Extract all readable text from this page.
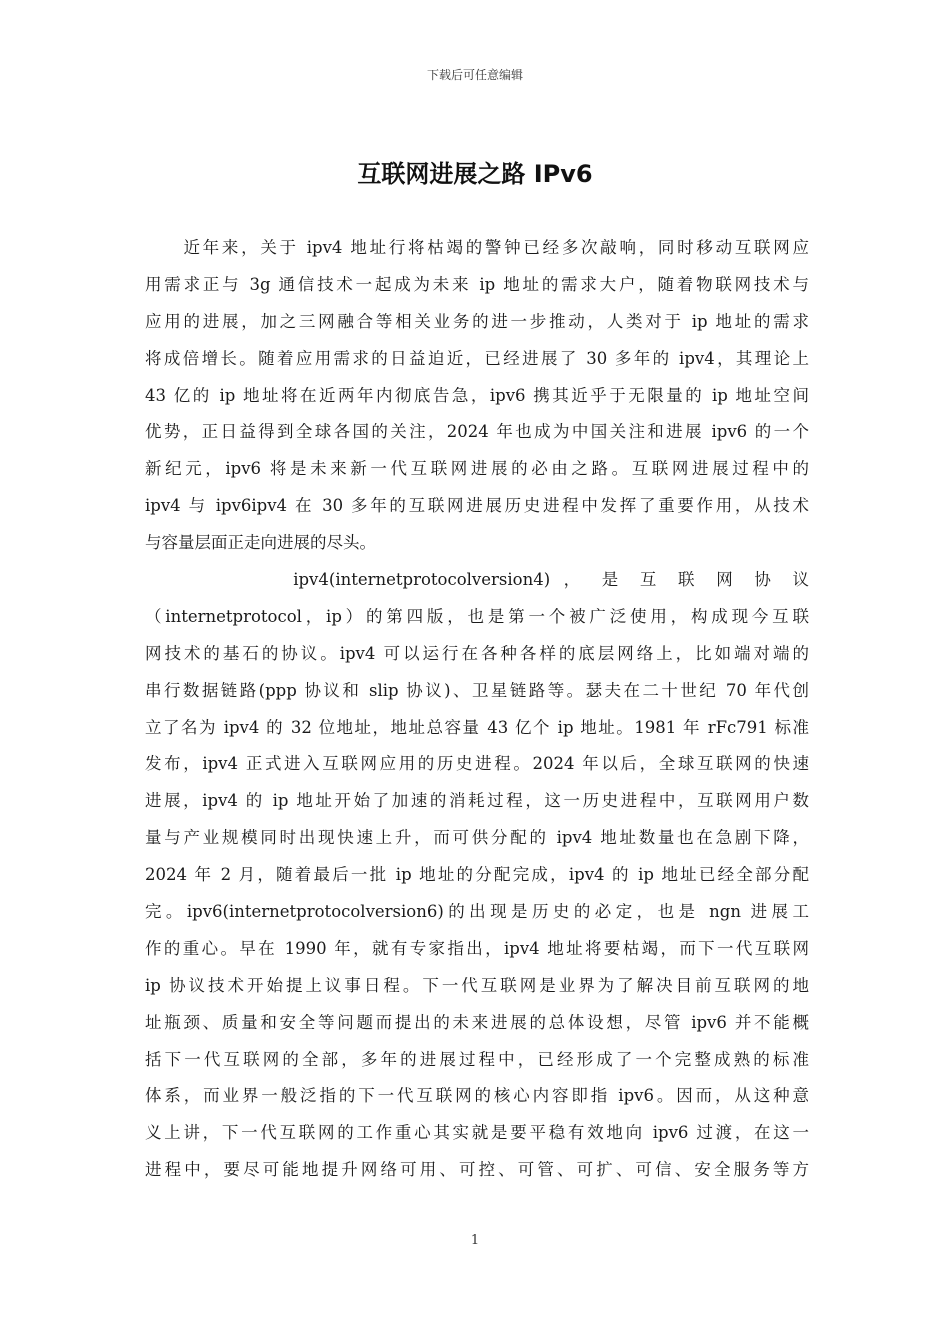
下载后可任意编辑
互联网进展之路 IPv6
　　近年来，关于 ipv4 地址行将枯竭的警钟已经多次敲响，同时移动互联网应
用需求正与 3g 通信技术一起成为未来 ip 地址的需求大户，随着物联网技术与
应用的进展，加之三网融合等相关业务的进一步推动，人类对于 ip 地址的需求
将成倍增长。随着应用需求的日益迫近，已经进展了 30 多年的 ipv4，其理论上
43 亿的 ip 地址将在近两年内彻底告急，ipv6 携其近乎于无限量的 ip 地址空间
优势，正日益得到全球各国的关注，2024 年也成为中国关注和进展 ipv6 的一个
新纪元，ipv6 将是未来新一代互联网进展的必由之路。互联网进展过程中的
ipv4 与 ipv6ipv4 在 30 多年的互联网进展历史进程中发挥了重要作用，从技术
与容量层面正走向进展的尽头。
　　　　　　ipv4(internetprotocolversion4) ， 是 互 联 网 协 议
（internetprotocol，ip）的第四版，也是第一个被广泛使用，构成现今互联
网技术的基石的协议。ipv4 可以运行在各种各样的底层网络上，比如端对端的
串行数据链路(ppp 协议和 slip 协议)、卫星链路等。瑟夫在二十世纪 70 年代创
立了名为 ipv4 的 32 位地址，地址总容量 43 亿个 ip 地址。1981 年 rFc791 标准
发布，ipv4 正式进入互联网应用的历史进程。2024 年以后，全球互联网的快速
进展，ipv4 的 ip 地址开始了加速的消耗过程，这一历史进程中，互联网用户数
量与产业规模同时出现快速上升，而可供分配的 ipv4 地址数量也在急剧下降，
2024 年 2 月，随着最后一批 ip 地址的分配完成，ipv4 的 ip 地址已经全部分配
完。ipv6(internetprotocolversion6)的出现是历史的必定，也是 ngn 进展工
作的重心。早在 1990 年，就有专家指出，ipv4 地址将要枯竭，而下一代互联网
ip 协议技术开始提上议事日程。下一代互联网是业界为了解决目前互联网的地
址瓶颈、质量和安全等问题而提出的未来进展的总体设想，尽管 ipv6 并不能概
括下一代互联网的全部，多年的进展过程中，已经形成了一个完整成熟的标准
体系，而业界一般泛指的下一代互联网的核心内容即指 ipv6。因而，从这种意
义上讲，下一代互联网的工作重心其实就是要平稳有效地向 ipv6 过渡，在这一
进程中，要尽可能地提升网络可用、可控、可管、可扩、可信、安全服务等方
1
